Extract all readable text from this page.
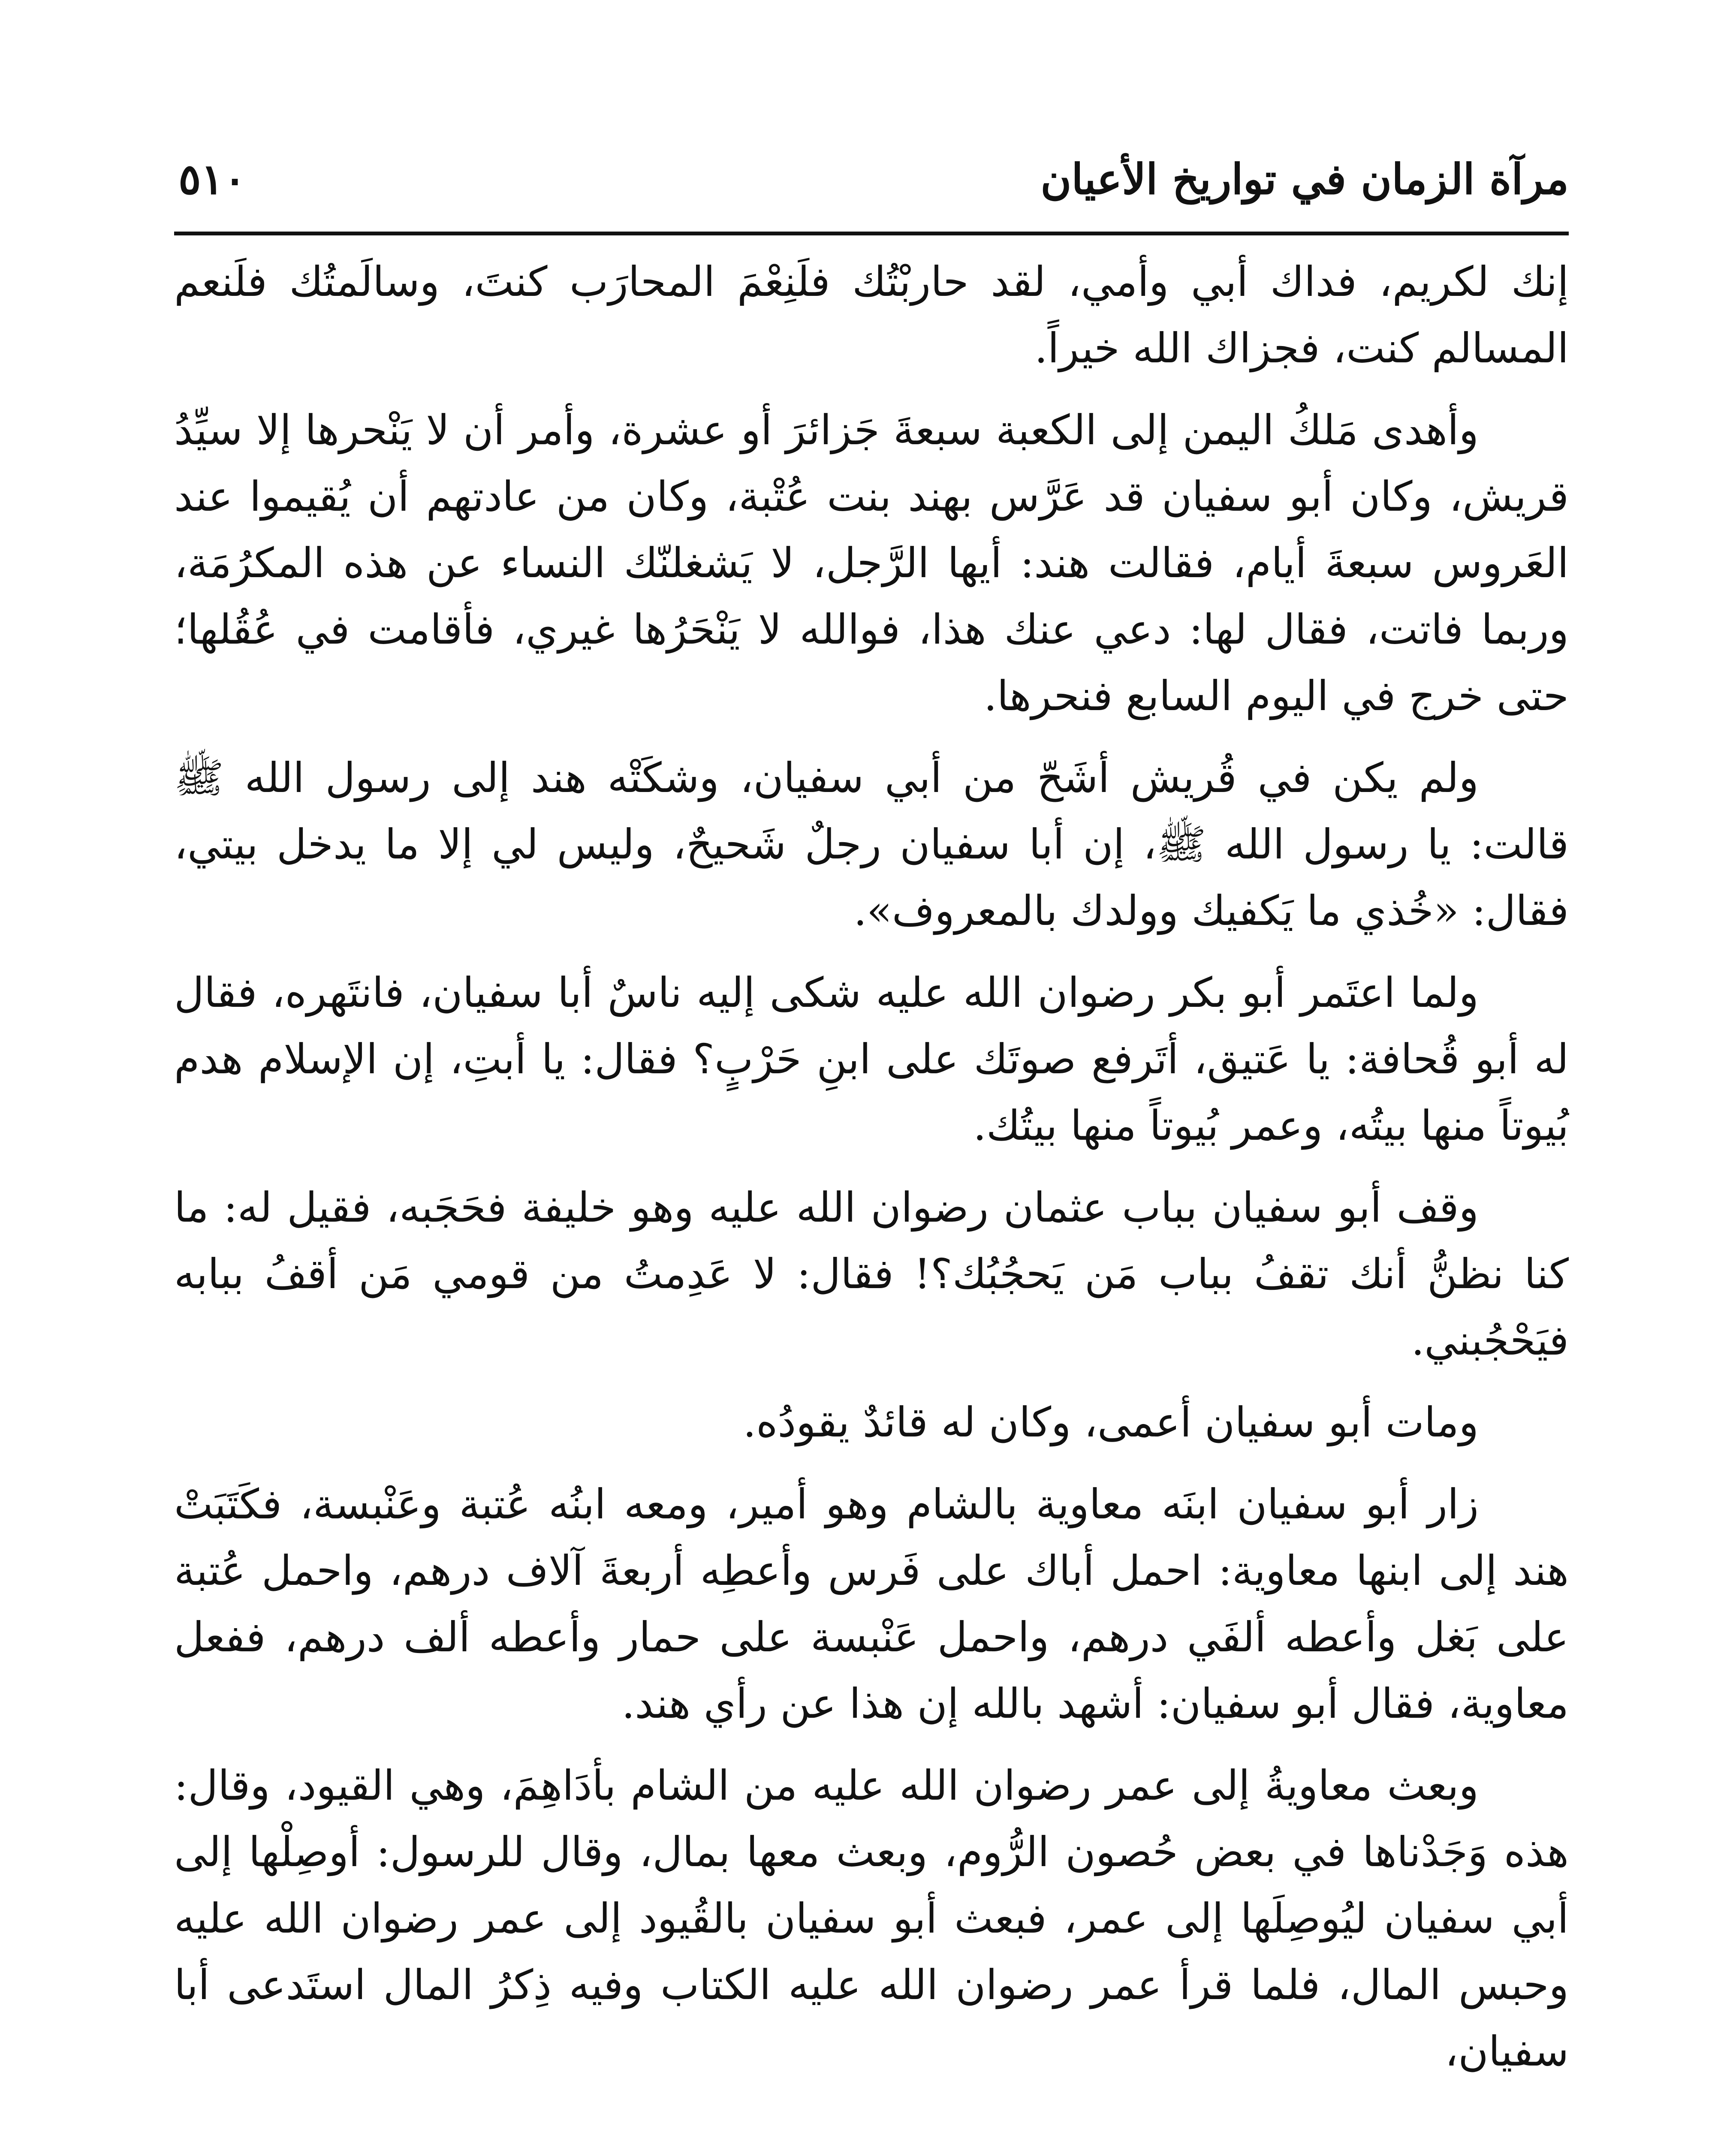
مرآة الزمان في تواريخ الأعيان
٥١٠

إنك لكريم، فداك أبي وأمي، لقد حاربْتُك فلَنِعْمَ المحارَب كنتَ، وسالَمتُك فلَنعم المسالم كنت، فجزاك الله خيراً.

وأهدى مَلكُ اليمن إلى الكعبة سبعةَ جَزائرَ أو عشرة، وأمر أن لا يَنْحرها إلا سيِّدُ قريش، وكان أبو سفيان قد عَرَّس بهند بنت عُتْبة، وكان من عادتهم أن يُقيموا عند العَروس سبعةَ أيام، فقالت هند: أيها الرَّجل، لا يَشغلنّك النساء عن هذه المكرُمَة، وربما فاتت، فقال لها: دعي عنك هذا، فوالله لا يَنْحَرُها غيري، فأقامت في عُقُلها؛ حتى خرج في اليوم السابع فنحرها.

ولم يكن في قُريش أشَحّ من أبي سفيان، وشكَتْه هند إلى رسول الله ﷺ قالت: يا رسول الله ﷺ، إن أبا سفيان رجلٌ شَحيحٌ، وليس لي إلا ما يدخل بيتي، فقال: «خُذي ما يَكفيك وولدك بالمعروف».

ولما اعتَمر أبو بكر رضوان الله عليه شكى إليه ناسٌ أبا سفيان، فانتَهره، فقال له أبو قُحافة: يا عَتيق، أتَرفع صوتَك على ابنِ حَرْبٍ؟ فقال: يا أبتِ، إن الإسلام هدم بُيوتاً منها بيتُه، وعمر بُيوتاً منها بيتُك.

وقف أبو سفيان بباب عثمان رضوان الله عليه وهو خليفة فحَجَبه، فقيل له: ما كنا نظنُّ أنك تقفُ بباب مَن يَحجُبُك؟! فقال: لا عَدِمتُ من قومي مَن أقفُ ببابه فيَحْجُبني.

ومات أبو سفيان أعمى، وكان له قائدٌ يقودُه.

زار أبو سفيان ابنَه معاوية بالشام وهو أمير، ومعه ابنُه عُتبة وعَنْبسة، فكَتَبَتْ هند إلى ابنها معاوية: احمل أباك على فَرس وأعطِه أربعةَ آلاف درهم، واحمل عُتبة على بَغل وأعطه ألفَي درهم، واحمل عَنْبسة على حمار وأعطه ألف درهم، ففعل معاوية، فقال أبو سفيان: أشهد بالله إن هذا عن رأي هند.

وبعث معاويةُ إلى عمر رضوان الله عليه من الشام بأدَاهِمَ، وهي القيود، وقال: هذه وَجَدْناها في بعض حُصون الرُّوم، وبعث معها بمال، وقال للرسول: أوصِلْها إلى أبي سفيان ليُوصِلَها إلى عمر، فبعث أبو سفيان بالقُيود إلى عمر رضوان الله عليه وحبس المال، فلما قرأ عمر رضوان الله عليه الكتاب وفيه ذِكرُ المال استَدعى أبا سفيان،
